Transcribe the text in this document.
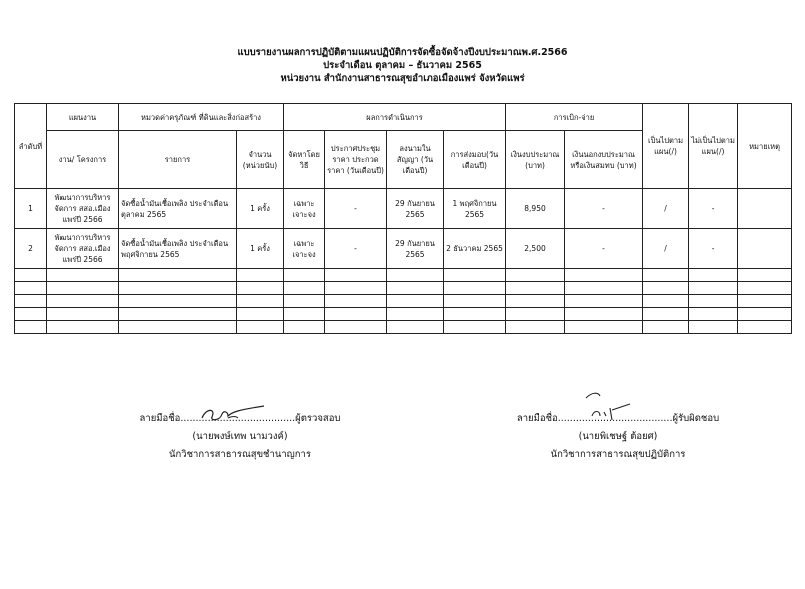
แบบรายงานผลการปฏิบัติตามแผนปฏิบัติการจัดซื้อจัดจ้างปีงบประมาณพ.ศ.2566
ประจำเดือน ตุลาคม – ธันวาคม 2565
หน่วยงาน สำนักงานสาธารณสุขอำเภอเมืองแพร่ จังหวัดแพร่
ลำดับที่	แผนงาน	หมวดค่าครุภัณฑ์ ที่ดินและสิ่งก่อสร้าง		ผลการดำเนินการ				การเบิก-จ่าย		เป็นไปตามแผน(/)	ไม่เป็นไปตามแผน(/)	หมายเหตุ
	งาน/ โครงการ	รายการ	จำนวน (หน่วยนับ)	จัดหาโดยวิธี	ประกาศประชุมราคา ประกวดราคา (วันเดือนปี)	ลงนามในสัญญา (วันเดือนปี)	การส่งมอบ(วันเดือนปี)	เงินงบประมาณ (บาท)	เงินนอกงบประมาณหรือเงินสมทบ (บาท)			
1	พัฒนาการบริหารจัดการ สสอ.เมืองแพร่ปี 2566	จัดซื้อน้ำมันเชื้อเพลิง ประจำเดือนตุลาคม 2565	1 ครั้ง	เฉพาะเจาะจง	-	29 กันยายน 2565	1 พฤศจิกายน 2565	8,950	-	/	-	
2	พัฒนาการบริหารจัดการ สสอ.เมืองแพร่ปี 2566	จัดซื้อน้ำมันเชื้อเพลิง ประจำเดือนพฤศจิกายน 2565	1 ครั้ง	เฉพาะเจาะจง	-	29 กันยายน 2565	2 ธันวาคม 2565	2,500	-	/	-	

ลายมือชื่อ......................................ผู้ตรวจสอบ
(นายพงษ์เทพ นามวงค์)
นักวิชาการสาธารณสุขชำนาญการ
ลายมือชื่อ......................................ผู้รับผิดชอบ
(นายพิเชษฐ์ ต้อยศ)
นักวิชาการสาธารณสุขปฏิบัติการ
